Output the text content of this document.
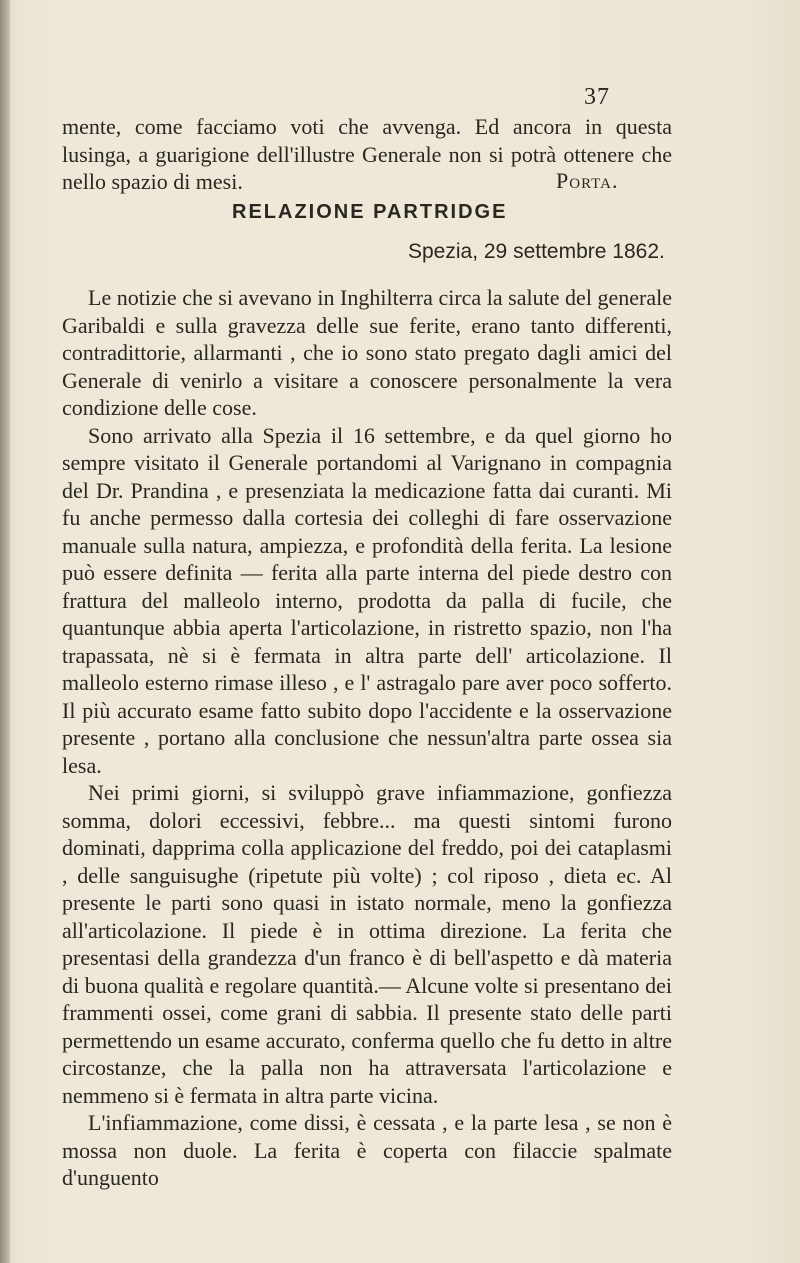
37

mente, come facciamo voti che avvenga. Ed ancora in questa lusinga, a guarigione dell'illustre Generale non si potrà ottenere che nello spazio di mesi.	Porta.
RELAZIONE PARTRIDGE
Spezia, 29 settembre 1862.

Le notizie che si avevano in Inghilterra circa la salute del generale Garibaldi e sulla gravezza delle sue ferite, erano tanto differenti, contradittorie, allarmanti , che io sono stato pregato dagli amici del Generale di venirlo a visitare a conoscere personalmente la vera condizione delle cose.

Sono arrivato alla Spezia il 16 settembre, e da quel giorno ho sempre visitato il Generale portandomi al Varignano in compagnia del Dr. Prandina , e presenziata la medicazione fatta dai curanti. Mi fu anche permesso dalla cortesia dei colleghi di fare osservazione manuale sulla natura, ampiezza, e profondità della ferita. La lesione può essere definita — ferita alla parte interna del piede destro con frattura del malleolo interno, prodotta da palla di fucile, che quantunque abbia aperta l'articolazione, in ristretto spazio, non l'ha trapassata, nè si è fermata in altra parte dell' articolazione. Il malleolo esterno rimase illeso , e l' astragalo pare aver poco sofferto. Il più accurato esame fatto subito dopo l'accidente e la osservazione presente , portano alla conclusione che nessun'altra parte ossea sia lesa.

Nei primi giorni, si sviluppò grave infiammazione, gonfiezza somma, dolori eccessivi, febbre... ma questi sintomi furono dominati, dapprima colla applicazione del freddo, poi dei cataplasmi , delle sanguisughe (ripetute più volte) ; col riposo , dieta ec. Al presente le parti sono quasi in istato normale, meno la gonfiezza all'articolazione. Il piede è in ottima direzione. La ferita che presentasi della grandezza d'un franco è di bell'aspetto e dà materia di buona qualità e regolare quantità.— Alcune volte si presentano dei frammenti ossei, come grani di sabbia. Il presente stato delle parti permettendo un esame accurato, conferma quello che fu detto in altre circostanze, che la palla non ha attraversata l'articolazione e nemmeno si è fermata in altra parte vicina.

L'infiammazione, come dissi, è cessata , e la parte lesa , se non è mossa non duole. La ferita è coperta con filaccie spalmate d'unguento
